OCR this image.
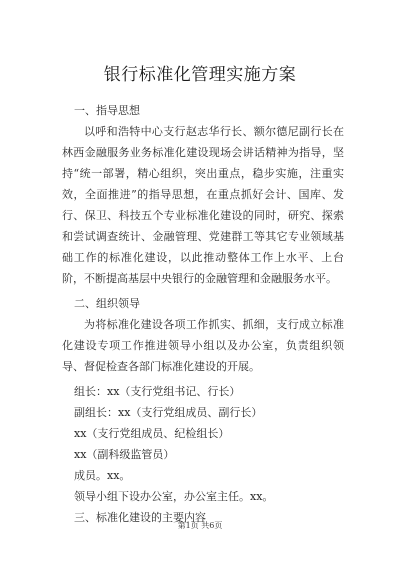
银行标准化管理实施方案

一、指导思想

以呼和浩特中心支行赵志华行长、额尔德尼副行长在林西金融服务业务标准化建设现场会讲话精神为指导，坚持“统一部署，精心组织，突出重点，稳步实施，注重实效，全面推进”的指导思想，在重点抓好会计、国库、发行、保卫、科技五个专业标准化建设的同时，研究、探索和尝试调查统计、金融管理、党建群工等其它专业领域基础工作的标准化建设，以此推动整体工作上水平、上台阶，不断提高基层中央银行的金融管理和金融服务水平。

二、组织领导

为将标准化建设各项工作抓实、抓细，支行成立标准化建设专项工作推进领导小组以及办公室，负责组织领导、督促检查各部门标准化建设的开展。

组长：xx（支行党组书记、行长）

副组长：xx（支行党组成员、副行长）

xx（支行党组成员、纪检组长）

xx（副科级监管员）

成员。xx。

领导小组下设办公室，办公室主任。xx。

三、标准化建设的主要内容

第1页 共6页
